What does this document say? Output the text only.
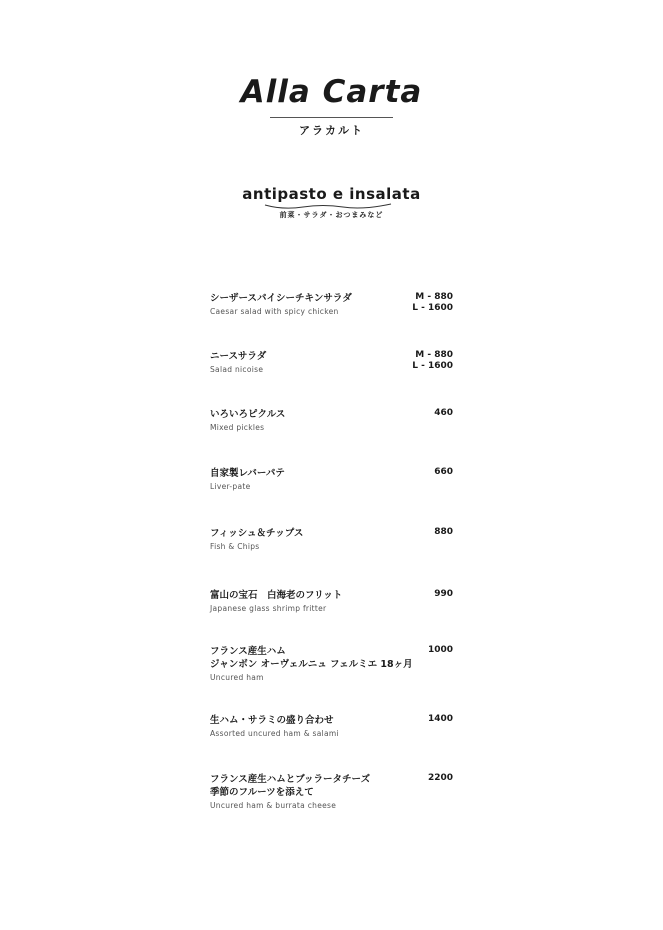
Alla Carta
アラカルト
antipasto e insalata
前菜・サラダ・おつまみなど
シーザースパイシーチキンサラダ
Caesar salad with spicy chicken
M - 880
L - 1600
ニースサラダ
Salad nicoise
M - 880
L - 1600
いろいろピクルス
Mixed pickles
460
自家製レバーパテ
Liver-pate
660
フィッシュ＆チップス
Fish & Chips
880
富山の宝石　白海老のフリット
Japanese glass shrimp fritter
990
フランス産生ハム
ジャンボン オーヴェルニュ フェルミエ 18ヶ月
Uncured ham
1000
生ハム・サラミの盛り合わせ
Assorted uncured ham & salami
1400
フランス産生ハムとブッラータチーズ
季節のフルーツを添えて
Uncured ham & burrata cheese
2200
